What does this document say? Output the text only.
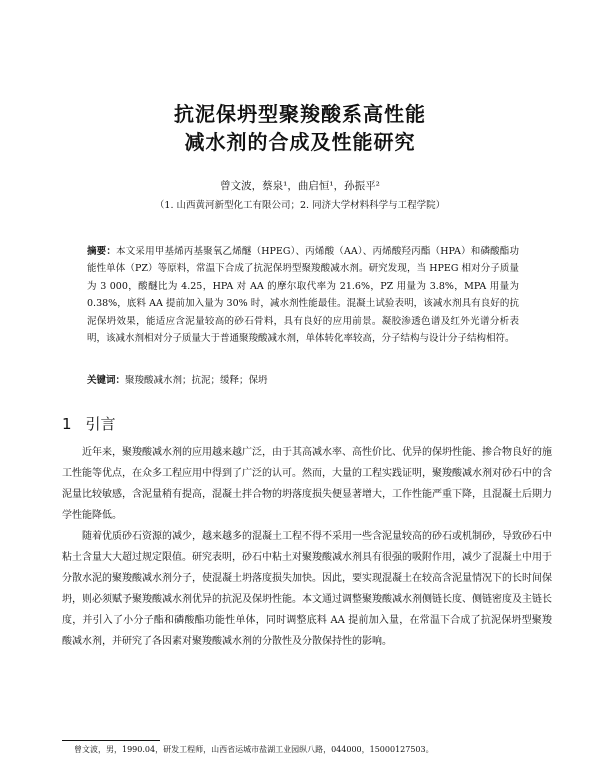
抗泥保坍型聚羧酸系高性能
减水剂的合成及性能研究
曾文波，蔡泉¹，曲启恒¹，孙振平²
（1. 山西黄河新型化工有限公司；2. 同济大学材料科学与工程学院）
摘要：本文采用甲基烯丙基聚氧乙烯醚（HPEG）、丙烯酸（AA）、丙烯酸羟丙酯（HPA）和磷酸酯功能性单体（PZ）等原料，常温下合成了抗泥保坍型聚羧酸减水剂。研究发现，当 HPEG 相对分子质量为 3 000，酸醚比为 4.25，HPA 对 AA 的摩尔取代率为 21.6%，PZ 用量为 3.8%，MPA 用量为 0.38%，底料 AA 提前加入量为 30% 时，减水剂性能最佳。混凝土试验表明，该减水剂具有良好的抗泥保坍效果，能适应含泥量较高的砂石骨料，具有良好的应用前景。凝胶渗透色谱及红外光谱分析表明，该减水剂相对分子质量大于普通聚羧酸减水剂，单体转化率较高，分子结构与设计分子结构相符。
关键词：聚羧酸减水剂；抗泥；缓释；保坍
1 引言
近年来，聚羧酸减水剂的应用越来越广泛，由于其高减水率、高性价比、优异的保坍性能、掺合物良好的施工性能等优点，在众多工程应用中得到了广泛的认可。然而，大量的工程实践证明，聚羧酸减水剂对砂石中的含泥量比较敏感，含泥量稍有提高，混凝土拌合物的坍落度损失便显著增大，工作性能严重下降，且混凝土后期力学性能降低。
随着优质砂石资源的减少，越来越多的混凝土工程不得不采用一些含泥量较高的砂石或机制砂，导致砂石中粘土含量大大超过规定限值。研究表明，砂石中粘土对聚羧酸减水剂具有很强的吸附作用，减少了混凝土中用于分散水泥的聚羧酸减水剂分子，使混凝土坍落度损失加快。因此，要实现混凝土在较高含泥量情况下的长时间保坍，则必须赋予聚羧酸减水剂优异的抗泥及保坍性能。本文通过调整聚羧酸减水剂侧链长度、侧链密度及主链长度，并引入了小分子酯和磷酸酯功能性单体，同时调整底料 AA 提前加入量，在常温下合成了抗泥保坍型聚羧酸减水剂，并研究了各因素对聚羧酸减水剂的分散性及分散保持性的影响。
曾文波，男，1990.04，研发工程师，山西省运城市盐湖工业园纵八路，044000，15000127503。
